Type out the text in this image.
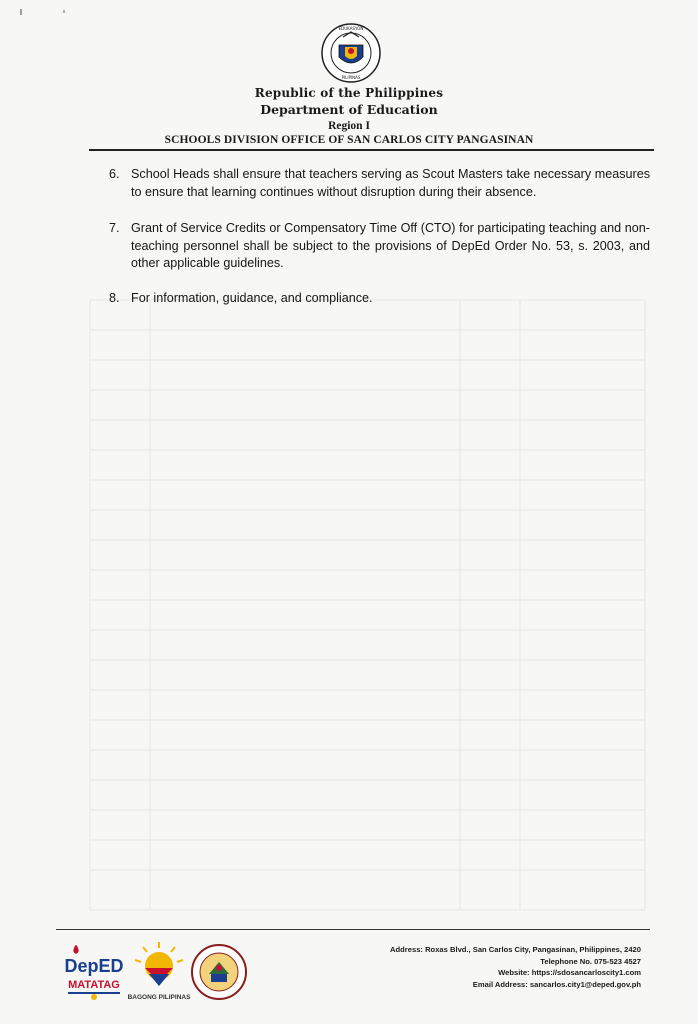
EDUKASYON
PILIPINAS
Republic of the Philippines
Department of Education
Region I
SCHOOLS DIVISION OFFICE OF SAN CARLOS CITY PANGASINAN
6. School Heads shall ensure that teachers serving as Scout Masters take necessary measures to ensure that learning continues without disruption during their absence.
7. Grant of Service Credits or Compensatory Time Off (CTO) for participating teaching and non-teaching personnel shall be subject to the provisions of DepEd Order No. 53, s. 2003, and other applicable guidelines.
8. For information, guidance, and compliance.
DepED
MATATAG
BAGONG PILIPINAS
Address: Roxas Blvd., San Carlos City, Pangasinan, Philippines, 2420
Telephone No. 075-523 4527
Website: https://sdosancarloscity1.com
Email Address: sancarlos.city1@deped.gov.ph
